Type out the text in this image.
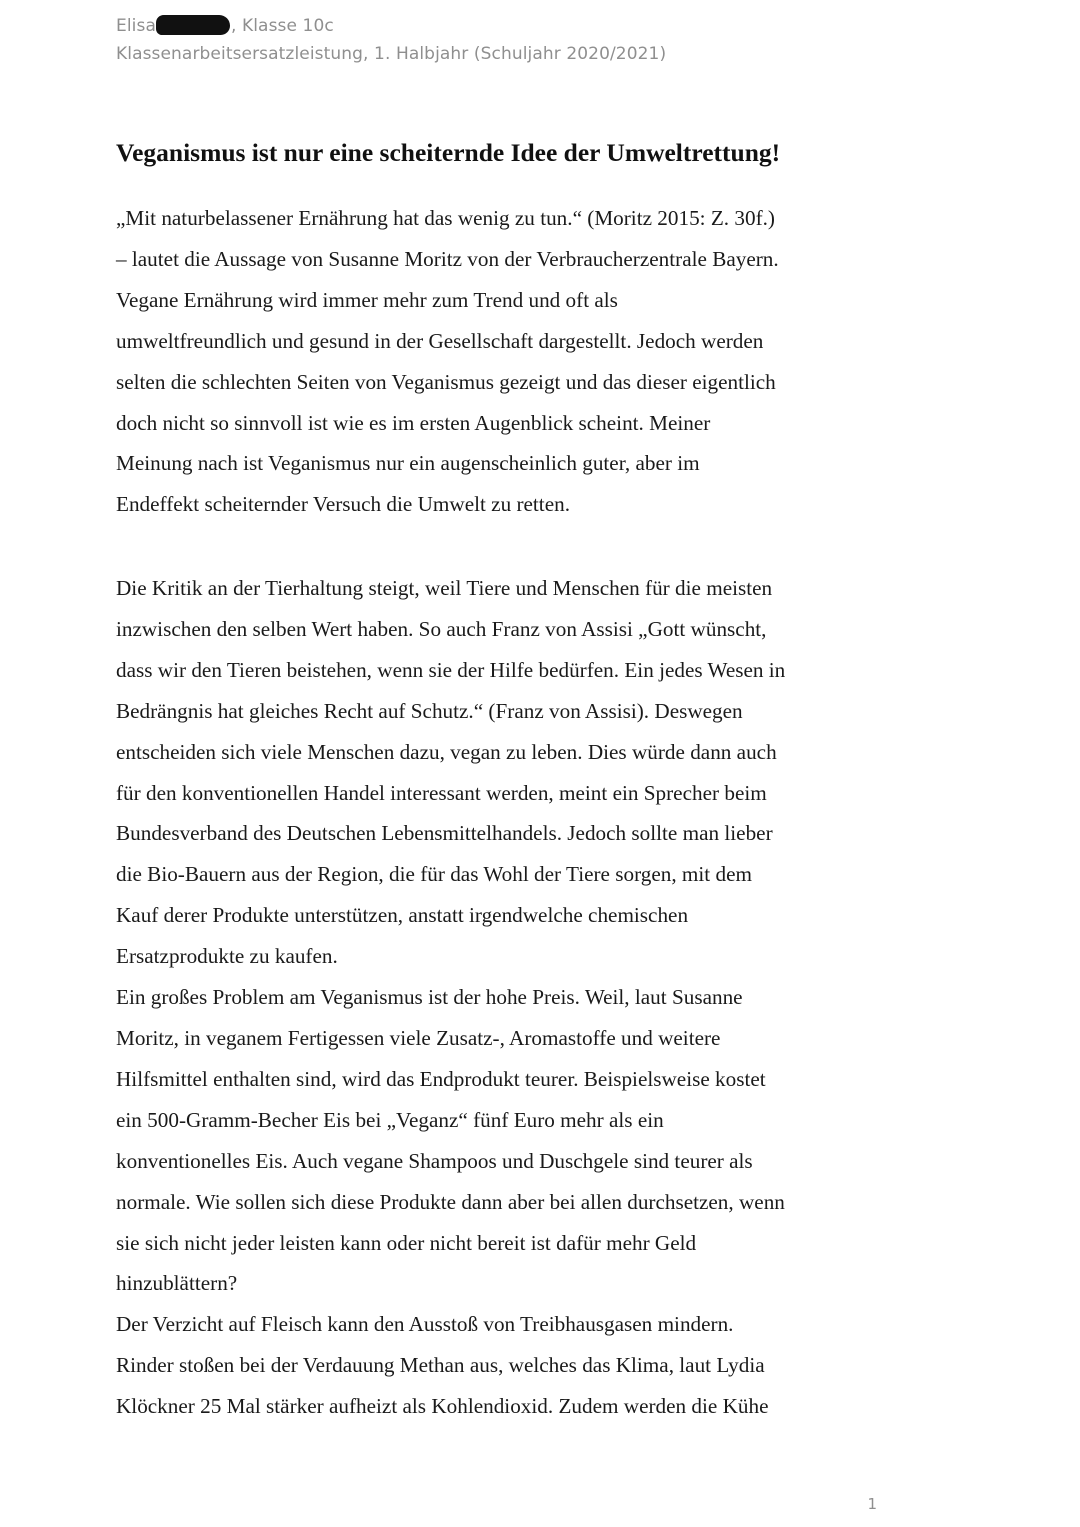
Elisa	, Klasse 10c
Klassenarbeitsersatzleistung, 1. Halbjahr (Schuljahr 2020/2021)
Veganismus ist nur eine scheiternde Idee der Umweltrettung!
„Mit naturbelassener Ernährung hat das wenig zu tun.“ (Moritz 2015: Z. 30f.)
– lautet die Aussage von Susanne Moritz von der Verbraucherzentrale Bayern.
Vegane Ernährung wird immer mehr zum Trend und oft als
umweltfreundlich und gesund in der Gesellschaft dargestellt. Jedoch werden
selten die schlechten Seiten von Veganismus gezeigt und das dieser eigentlich
doch nicht so sinnvoll ist wie es im ersten Augenblick scheint. Meiner
Meinung nach ist Veganismus nur ein augenscheinlich guter, aber im
Endeffekt scheiternder Versuch die Umwelt zu retten.
Die Kritik an der Tierhaltung steigt, weil Tiere und Menschen für die meisten
inzwischen den selben Wert haben. So auch Franz von Assisi „Gott wünscht,
dass wir den Tieren beistehen, wenn sie der Hilfe bedürfen. Ein jedes Wesen in
Bedrängnis hat gleiches Recht auf Schutz.“ (Franz von Assisi). Deswegen
entscheiden sich viele Menschen dazu, vegan zu leben. Dies würde dann auch
für den konventionellen Handel interessant werden, meint ein Sprecher beim
Bundesverband des Deutschen Lebensmittelhandels. Jedoch sollte man lieber
die Bio-Bauern aus der Region, die für das Wohl der Tiere sorgen, mit dem
Kauf derer Produkte unterstützen, anstatt irgendwelche chemischen
Ersatzprodukte zu kaufen.
Ein großes Problem am Veganismus ist der hohe Preis. Weil, laut Susanne
Moritz, in veganem Fertigessen viele Zusatz-, Aromastoffe und weitere
Hilfsmittel enthalten sind, wird das Endprodukt teurer. Beispielsweise kostet
ein 500-Gramm-Becher Eis bei „Veganz“ fünf Euro mehr als ein
konventionelles Eis. Auch vegane Shampoos und Duschgele sind teurer als
normale. Wie sollen sich diese Produkte dann aber bei allen durchsetzen, wenn
sie sich nicht jeder leisten kann oder nicht bereit ist dafür mehr Geld
hinzublättern?
Der Verzicht auf Fleisch kann den Ausstoß von Treibhausgasen mindern.
Rinder stoßen bei der Verdauung Methan aus, welches das Klima, laut Lydia
Klöckner 25 Mal stärker aufheizt als Kohlendioxid. Zudem werden die Kühe
1
